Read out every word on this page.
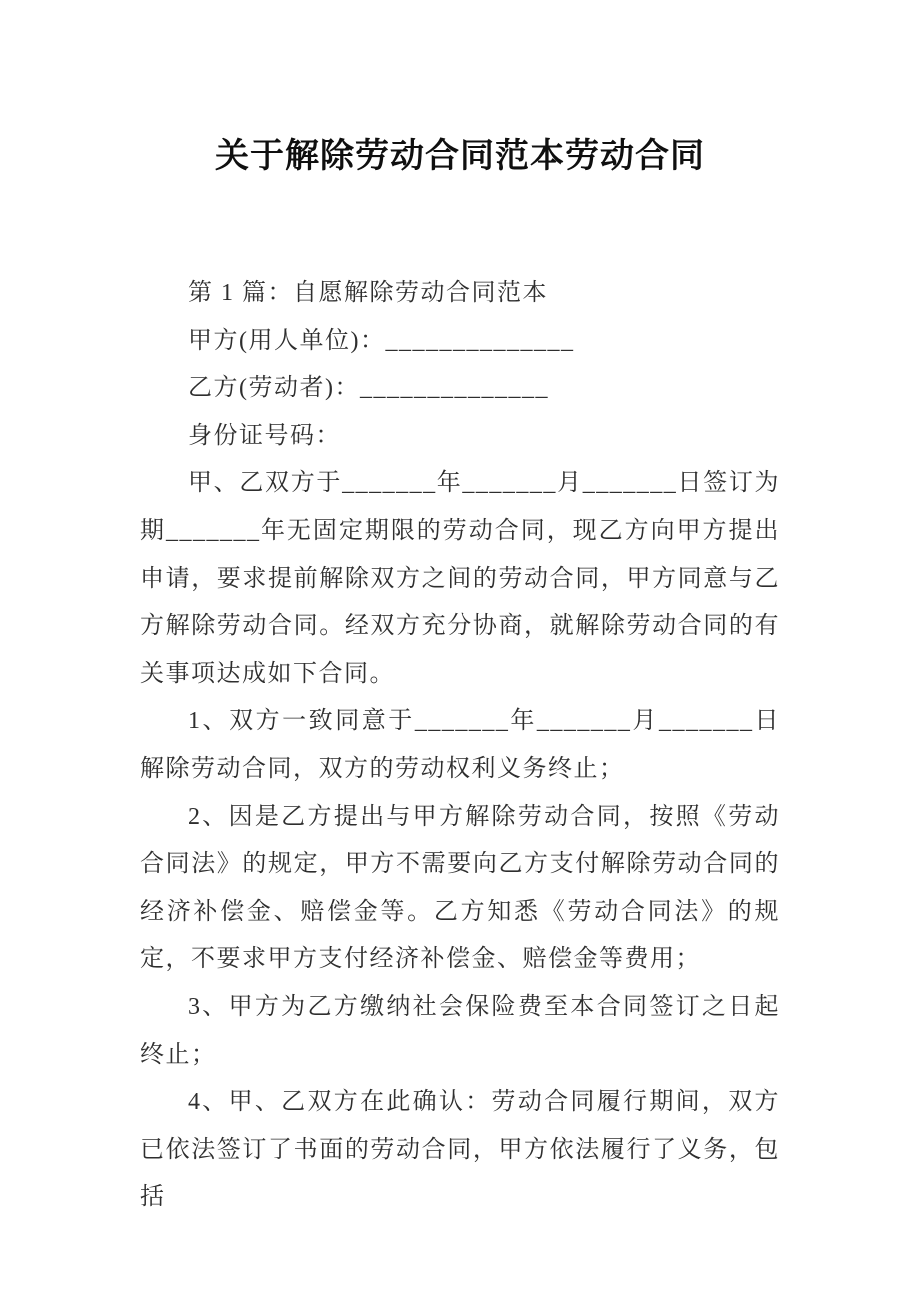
关于解除劳动合同范本劳动合同

第 1 篇：自愿解除劳动合同范本

甲方(用人单位)：______________

乙方(劳动者)：______________

身份证号码：

甲、乙双方于_______年_______月_______日签订为期_______年无固定期限的劳动合同，现乙方向甲方提出申请，要求提前解除双方之间的劳动合同，甲方同意与乙方解除劳动合同。经双方充分协商，就解除劳动合同的有关事项达成如下合同。

1、双方一致同意于_______年_______月_______日解除劳动合同，双方的劳动权利义务终止；

2、因是乙方提出与甲方解除劳动合同，按照《劳动合同法》的规定，甲方不需要向乙方支付解除劳动合同的经济补偿金、赔偿金等。乙方知悉《劳动合同法》的规定，不要求甲方支付经济补偿金、赔偿金等费用；

3、甲方为乙方缴纳社会保险费至本合同签订之日起终止；

4、甲、乙双方在此确认：劳动合同履行期间，双方已依法签订了书面的劳动合同，甲方依法履行了义务，包括
